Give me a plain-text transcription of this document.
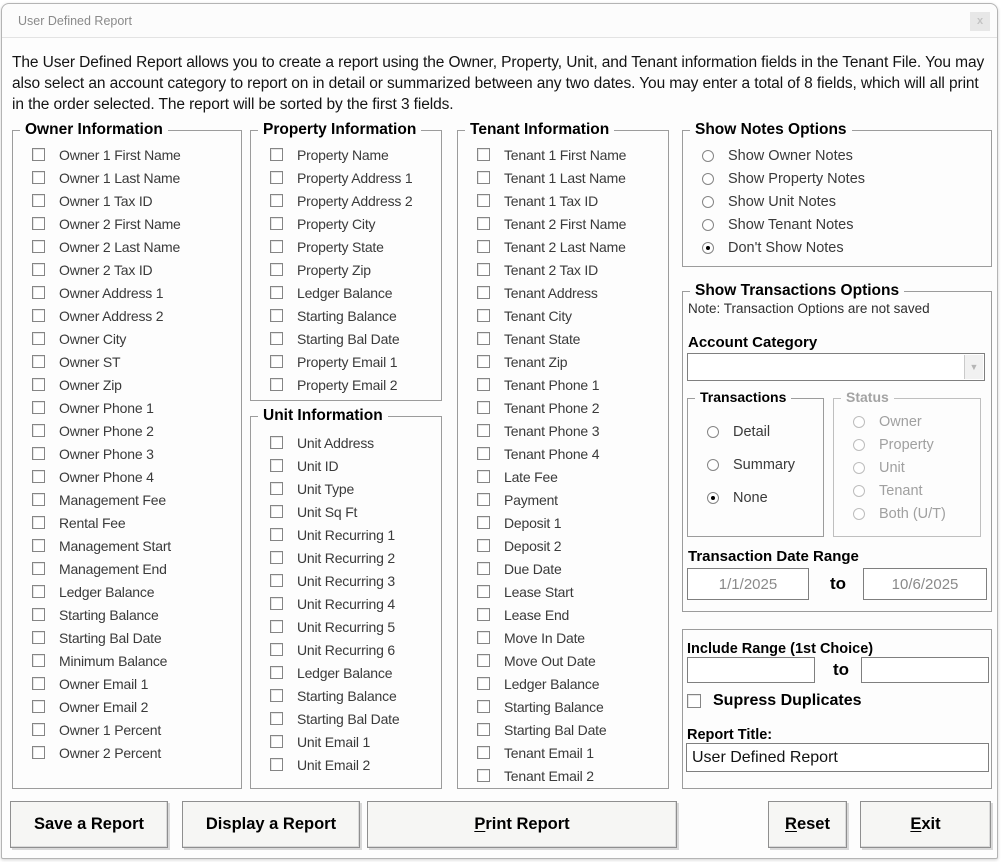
User Defined Report	x
The User Defined Report allows you to create a report using the Owner, Property, Unit, and Tenant information fields in the Tenant File. You may also select an account category to report on in detail or summarized between any two dates. You may enter a total of 8 fields, which will all print in the order selected. The report will be sorted by the first 3 fields.
Owner Information
Owner 1 First Name
Owner 1 Last Name
Owner 1 Tax ID
Owner 2 First Name
Owner 2 Last Name
Owner 2 Tax ID
Owner Address 1
Owner Address 2
Owner City
Owner ST
Owner Zip
Owner Phone 1
Owner Phone 2
Owner Phone 3
Owner Phone 4
Management Fee
Rental Fee
Management Start
Management End
Ledger Balance
Starting Balance
Starting Bal Date
Minimum Balance
Owner Email 1
Owner Email 2
Owner 1 Percent
Owner 2 Percent
Property Information
Property Name
Property Address 1
Property Address 2
Property City
Property State
Property Zip
Ledger Balance
Starting Balance
Starting Bal Date
Property Email 1
Property Email 2
Unit Information
Unit Address
Unit ID
Unit Type
Unit Sq Ft
Unit Recurring 1
Unit Recurring 2
Unit Recurring 3
Unit Recurring 4
Unit Recurring 5
Unit Recurring 6
Ledger Balance
Starting Balance
Starting Bal Date
Unit Email 1
Unit Email 2
Tenant Information
Tenant 1 First Name
Tenant 1 Last Name
Tenant 1 Tax ID
Tenant 2 First Name
Tenant 2 Last Name
Tenant 2 Tax ID
Tenant Address
Tenant City
Tenant State
Tenant Zip
Tenant Phone 1
Tenant Phone 2
Tenant Phone 3
Tenant Phone 4
Late Fee
Payment
Deposit 1
Deposit 2
Due Date
Lease Start
Lease End
Move In Date
Move Out Date
Ledger Balance
Starting Balance
Starting Bal Date
Tenant Email 1
Tenant Email 2
Show Notes Options
Show Owner Notes
Show Property Notes
Show Unit Notes
Show Tenant Notes
Don't Show Notes
Show Transactions Options
Note: Transaction Options are not saved
Account Category
▼
Transactions
Detail
Summary
None
Status
Owner
Property
Unit
Tenant
Both (U/T)
Transaction Date Range
1/1/2025
to
10/6/2025
Include Range (1st Choice)
to
Supress Duplicates
Report Title:
User Defined Report
Save a Report	Display a Report	P rint Report	R eset	E xit
